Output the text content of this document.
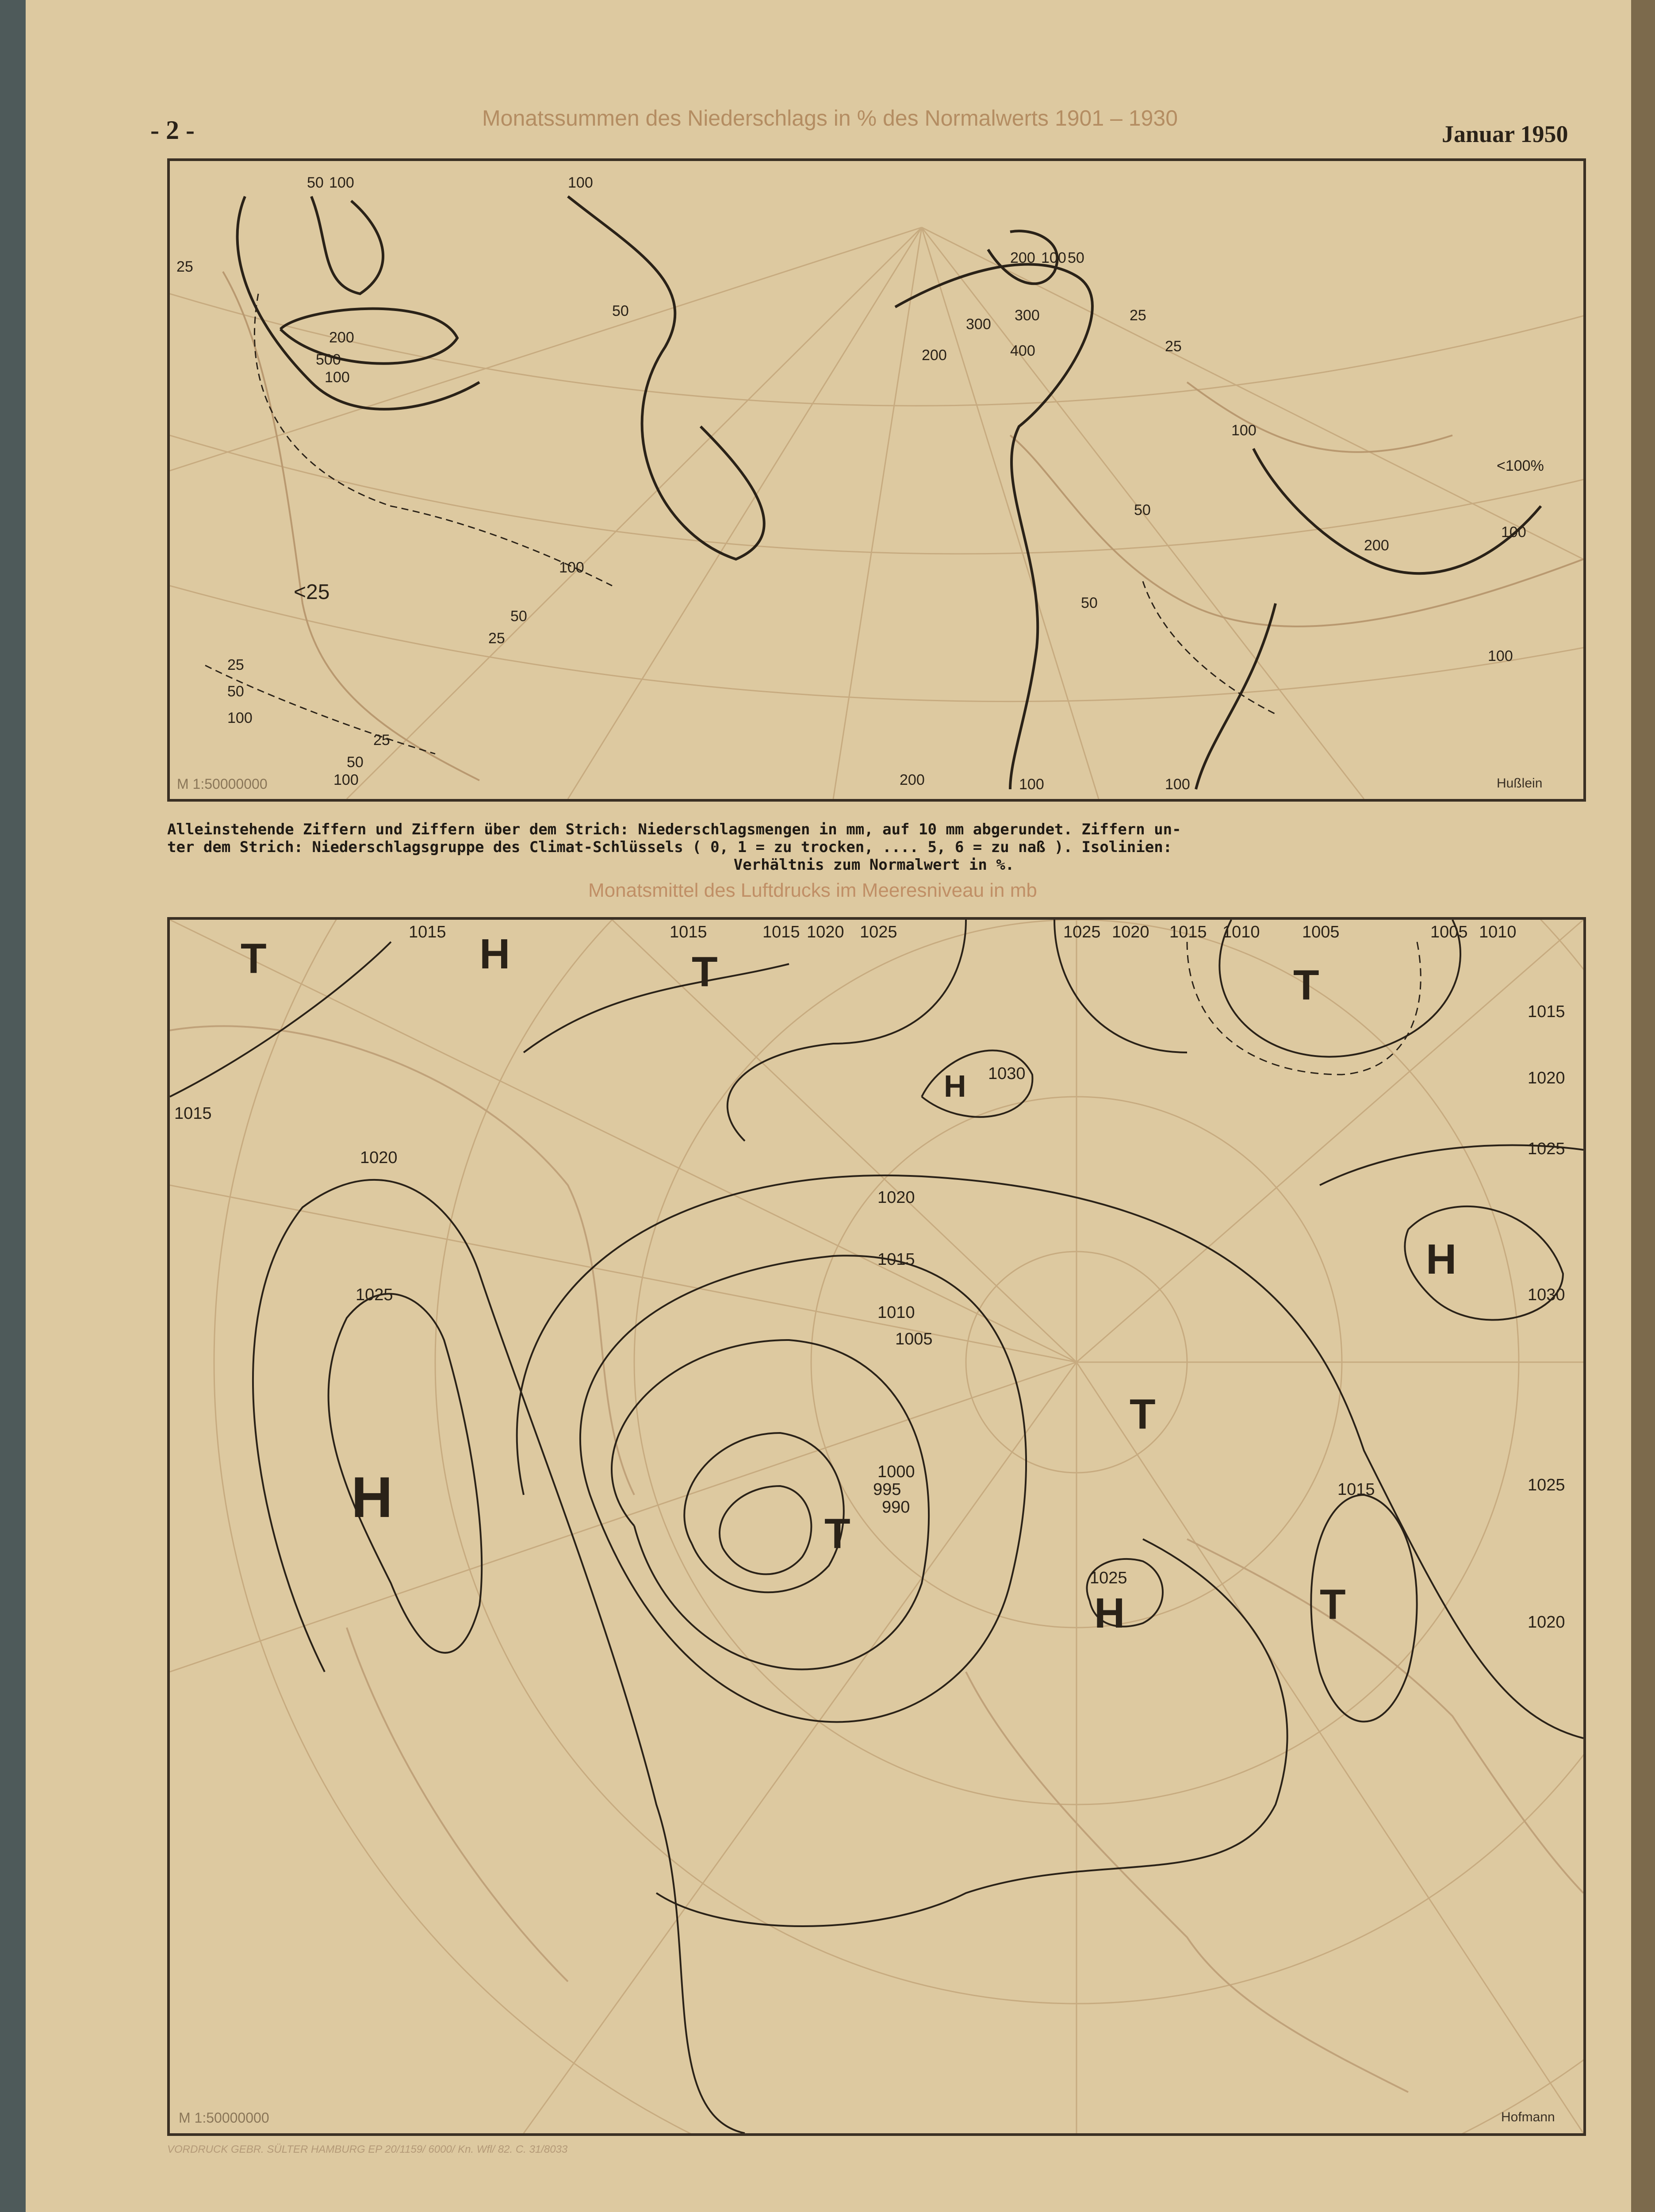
- 2 -	Monatssummen des Niederschlags in % des Normalwerts 1901 – 1930
Januar 1950
50 100	100
25
200
500
100
50
100
50
25
<25
25
50
100
25
50
100
200 100 50
300
300
400
200
25
25
100
50
50
200
100
<100%
100
100	100
200
M 1:50000000	Hußlein
Alleinstehende Ziffern und Ziffern über dem Strich: Niederschlagsmengen in mm, auf 10 mm abgerundet. Ziffern un-
ter dem Strich: Niederschlagsgruppe des Climat-Schlüssels ( 0, 1 = zu trocken, .... 5, 6 = zu naß ). Isolinien:
Verhältnis zum Normalwert in %.
Monatsmittel des Luftdrucks im Meeresniveau in mb
990
995
1000
1005
1010
1015
1020
1025
1020
1015
1015	1015	1015 1020 1025
1030
1025 1020 1015 1010	1005	1005 1010
1015
1020
1025
1030
1025
1020
1015
1025
T	H	T	T
H
T
H
H
T
H	T
M 1:50000000	Hofmann
VORDRUCK GEBR. SÜLTER HAMBURG EP 20/1159/ 6000/ Kn. Wfl/ 82. C. 31/8033
